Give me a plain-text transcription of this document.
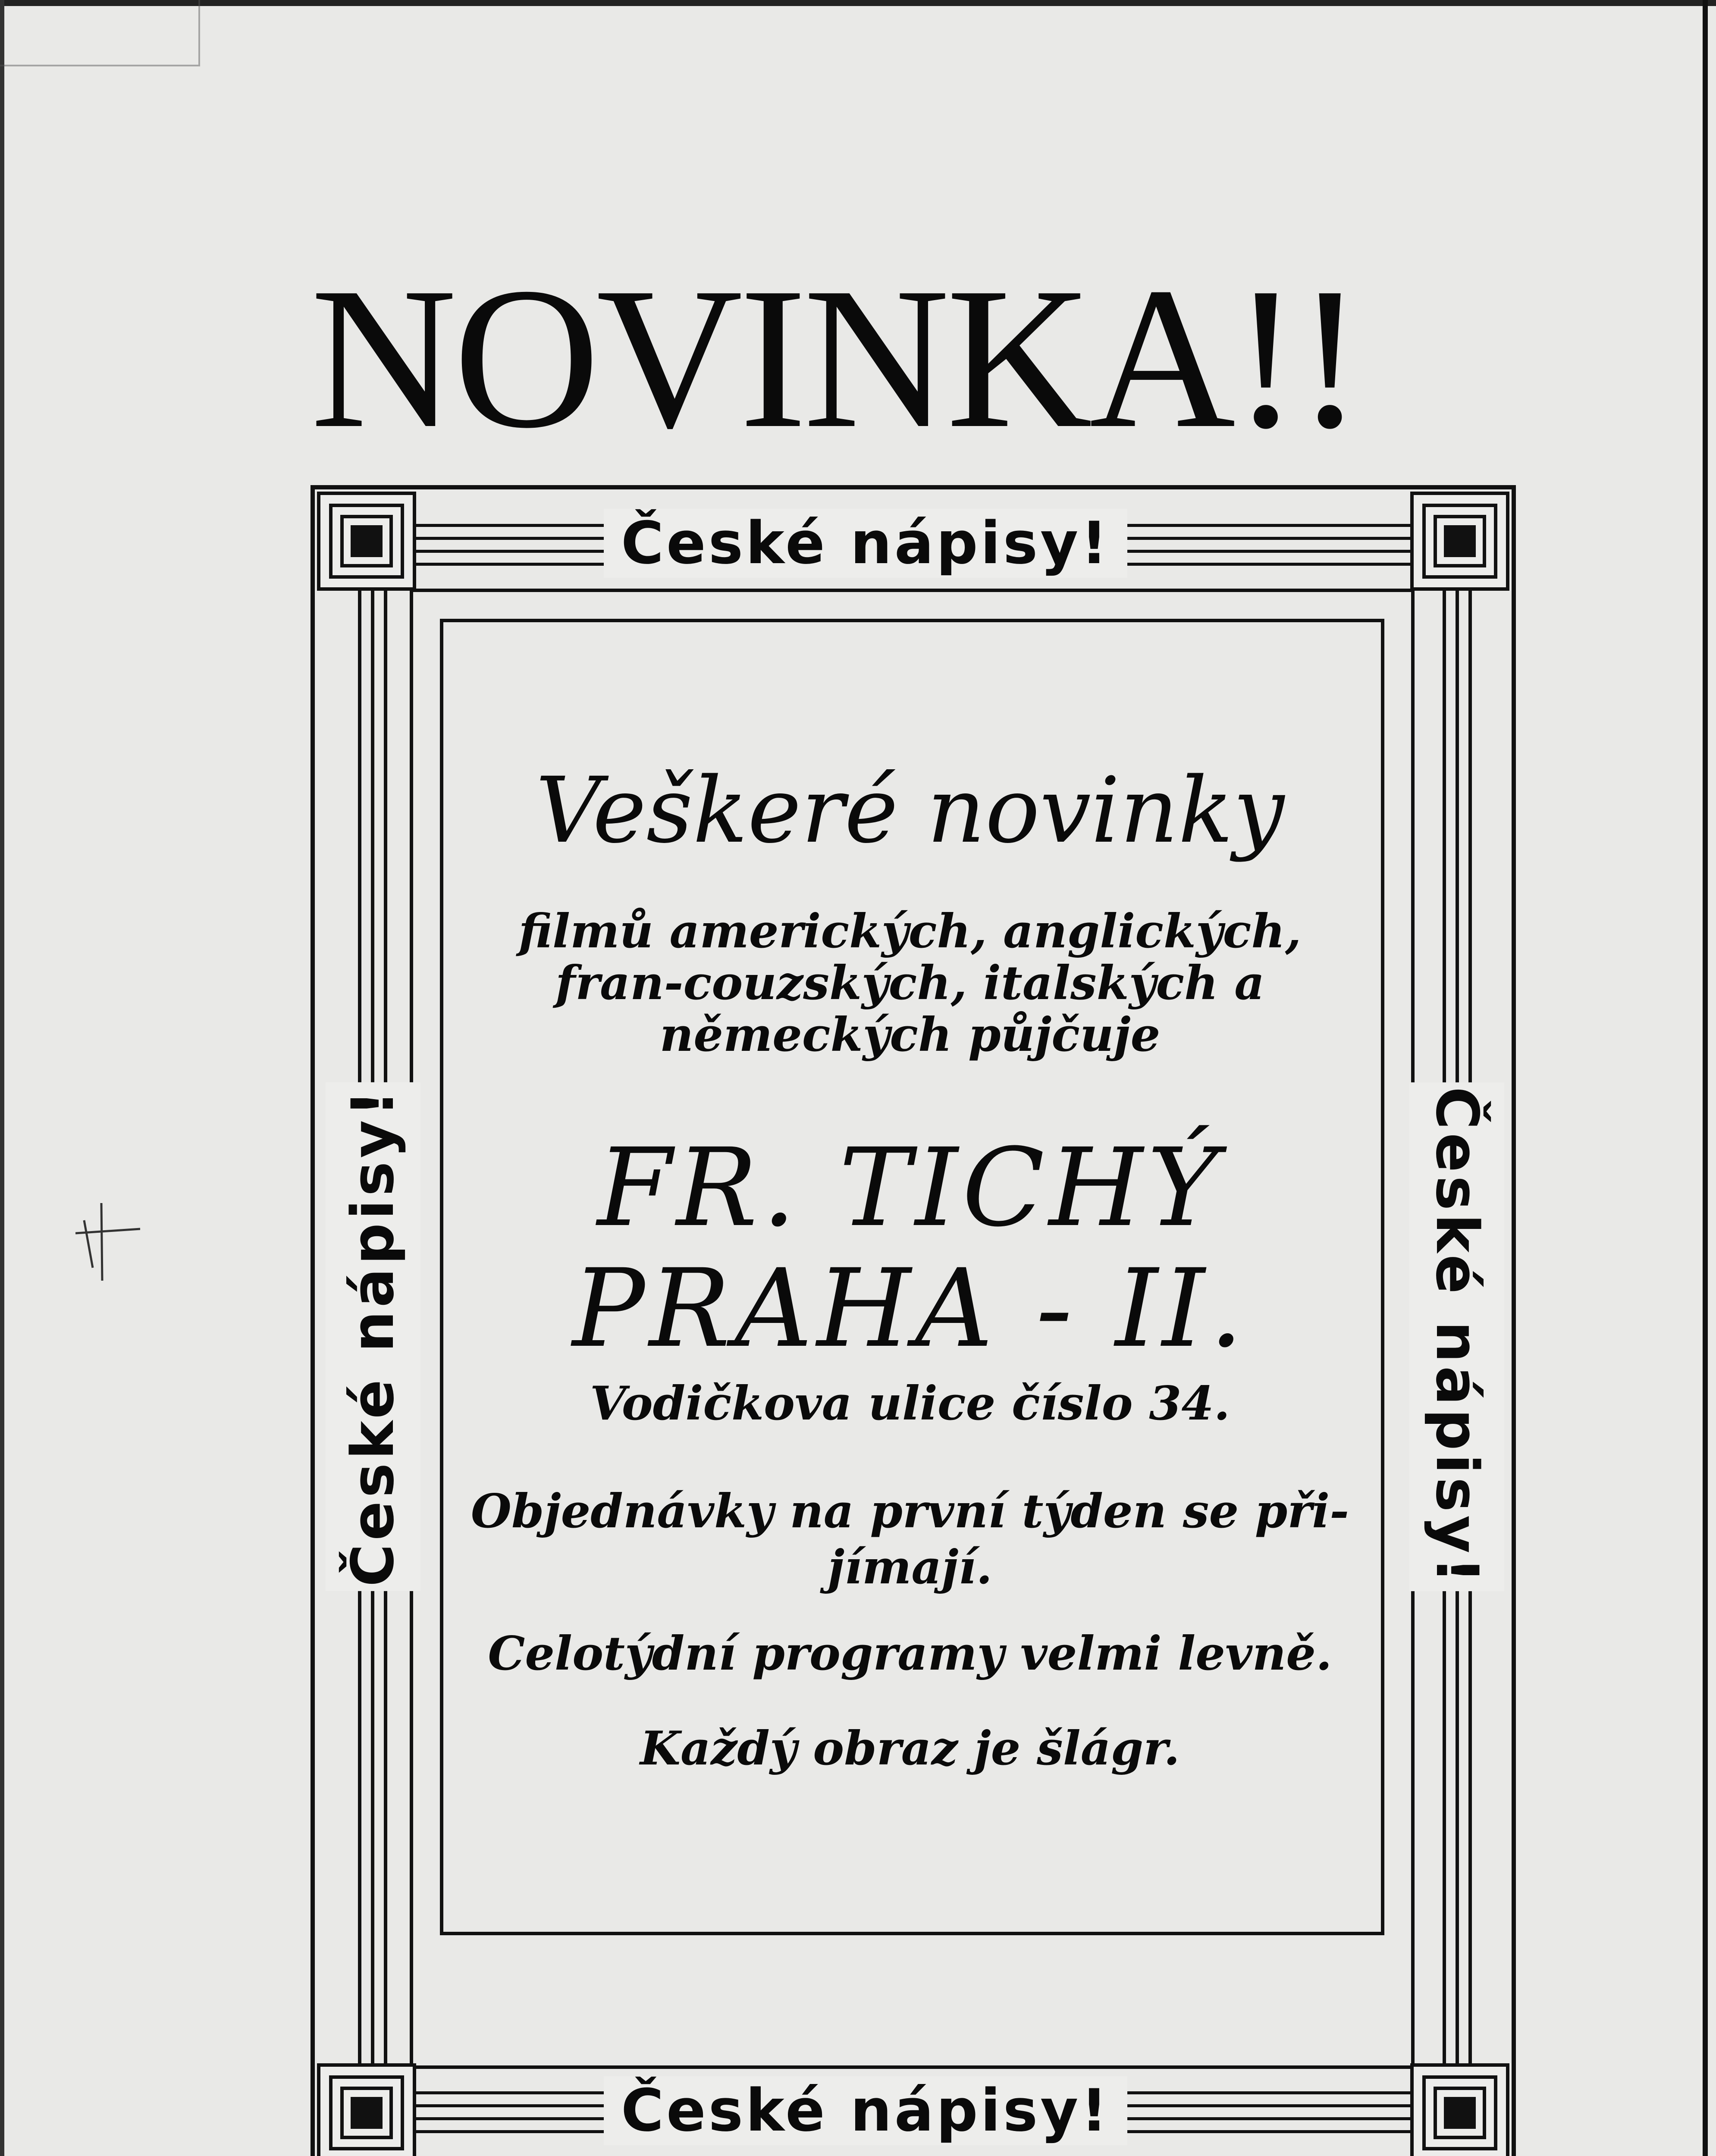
NOVINKA!!
České nápisy!
České nápisy!
České nápisy!	České nápisy!
Veškeré novinky
filmů amerických, anglických, fran-couzských, italských a německých půjčuje
FR. TICHÝ
PRAHA - II.
Vodičkova ulice číslo 34.
Objednávky na první týden se při-jímají.
Celotýdní programy velmi levně.
Každý obraz je šlágr.
